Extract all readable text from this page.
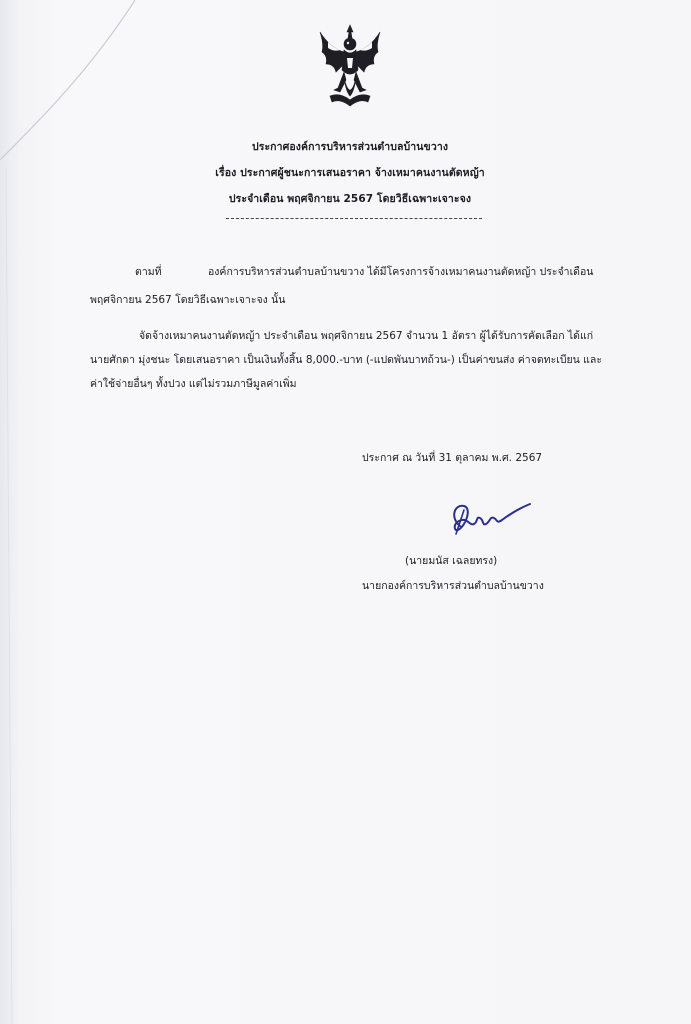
ประกาศองค์การบริหารส่วนตำบลบ้านขวาง
เรื่อง ประกาศผู้ชนะการเสนอราคา จ้างเหมาคนงานตัดหญ้า
ประจำเดือน พฤศจิกายน 2567 โดยวิธีเฉพาะเจาะจง
ตามที่	องค์การบริหารส่วนตำบลบ้านขวาง ได้มีโครงการจ้างเหมาคนงานตัดหญ้า ประจำเดือน
พฤศจิกายน 2567 โดยวิธีเฉพาะเจาะจง นั้น
จัดจ้างเหมาคนงานตัดหญ้า ประจำเดือน พฤศจิกายน 2567 จำนวน 1 อัตรา ผู้ได้รับการคัดเลือก ได้แก่
นายศักดา มุ่งชนะ โดยเสนอราคา เป็นเงินทั้งสิ้น 8,000.-บาท (-แปดพันบาทถ้วน-) เป็นค่าขนส่ง ค่าจดทะเบียน และ
ค่าใช้จ่ายอื่นๆ ทั้งปวง แต่ไม่รวมภาษีมูลค่าเพิ่ม
ประกาศ ณ วันที่ 31 ตุลาคม พ.ศ. 2567
(นายมนัส เฉลยทรง)
นายกองค์การบริหารส่วนตำบลบ้านขวาง
